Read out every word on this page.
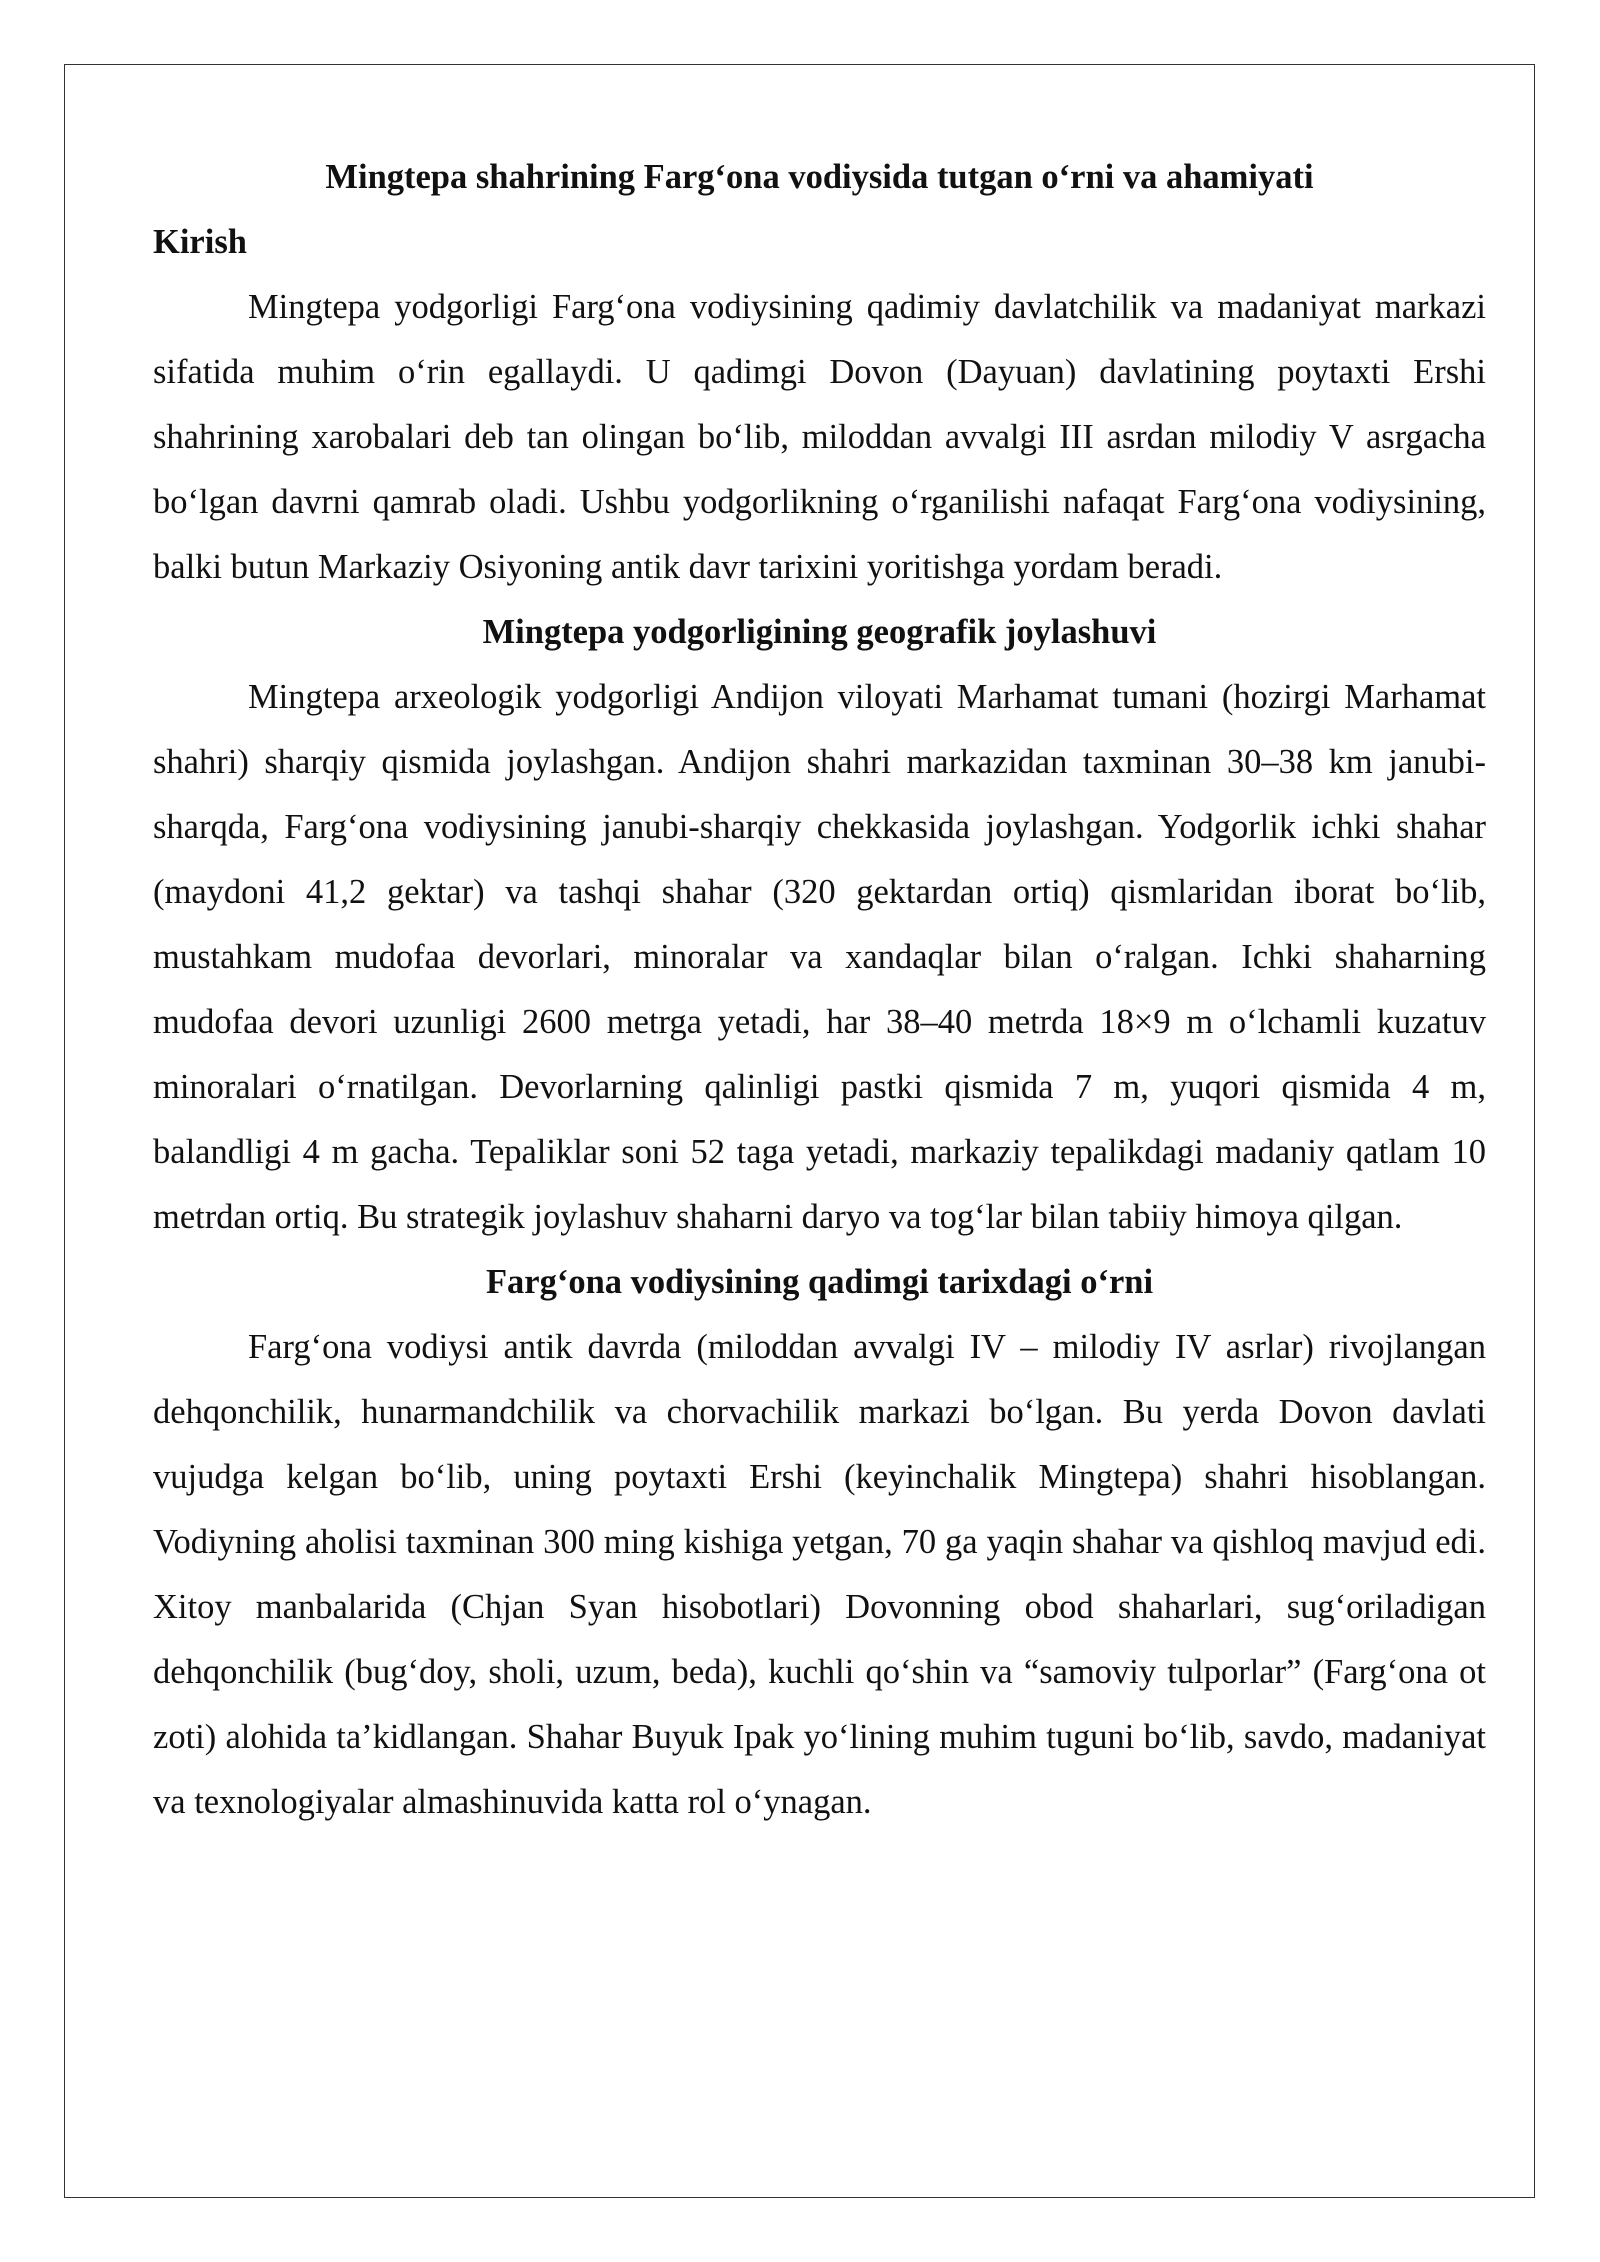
Mingtepa shahrining Farg‘ona vodiysida tutgan o‘rni va ahamiyati

Kirish

Mingtepa yodgorligi Farg‘ona vodiysining qadimiy davlatchilik va madaniyat markazi sifatida muhim o‘rin egallaydi. U qadimgi Dovon (Dayuan) davlatining poytaxti Ershi shahrining xarobalari deb tan olingan bo‘lib, miloddan avvalgi III asrdan milodiy V asrgacha bo‘lgan davrni qamrab oladi. Ushbu yodgorlikning o‘rganilishi nafaqat Farg‘ona vodiysining, balki butun Markaziy Osiyoning antik davr tarixini yoritishga yordam beradi.

Mingtepa yodgorligining geografik joylashuvi

Mingtepa arxeologik yodgorligi Andijon viloyati Marhamat tumani (hozirgi Marhamat shahri) sharqiy qismida joylashgan. Andijon shahri markazidan taxminan 30–38 km janubi-sharqda, Farg‘ona vodiysining janubi-sharqiy chekkasida joylashgan. Yodgorlik ichki shahar (maydoni 41,2 gektar) va tashqi shahar (320 gektardan ortiq) qismlaridan iborat bo‘lib, mustahkam mudofaa devorlari, minoralar va xandaqlar bilan o‘ralgan. Ichki shaharning mudofaa devori uzunligi 2600 metrga yetadi, har 38–40 metrda 18×9 m o‘lchamli kuzatuv minoralari o‘rnatilgan. Devorlarning qalinligi pastki qismida 7 m, yuqori qismida 4 m, balandligi 4 m gacha. Tepaliklar soni 52 taga yetadi, markaziy tepalikdagi madaniy qatlam 10 metrdan ortiq. Bu strategik joylashuv shaharni daryo va tog‘lar bilan tabiiy himoya qilgan.

Farg‘ona vodiysining qadimgi tarixdagi o‘rni

Farg‘ona vodiysi antik davrda (miloddan avvalgi IV – milodiy IV asrlar) rivojlangan dehqonchilik, hunarmandchilik va chorvachilik markazi bo‘lgan. Bu yerda Dovon davlati vujudga kelgan bo‘lib, uning poytaxti Ershi (keyinchalik Mingtepa) shahri hisoblangan. Vodiyning aholisi taxminan 300 ming kishiga yetgan, 70 ga yaqin shahar va qishloq mavjud edi. Xitoy manbalarida (Chjan Syan hisobotlari) Dovonning obod shaharlari, sug‘oriladigan dehqonchilik (bug‘doy, sholi, uzum, beda), kuchli qo‘shin va “samoviy tulporlar” (Farg‘ona ot zoti) alohida ta’kidlangan. Shahar Buyuk Ipak yo‘lining muhim tuguni bo‘lib, savdo, madaniyat va texnologiyalar almashinuvida katta rol o‘ynagan.
